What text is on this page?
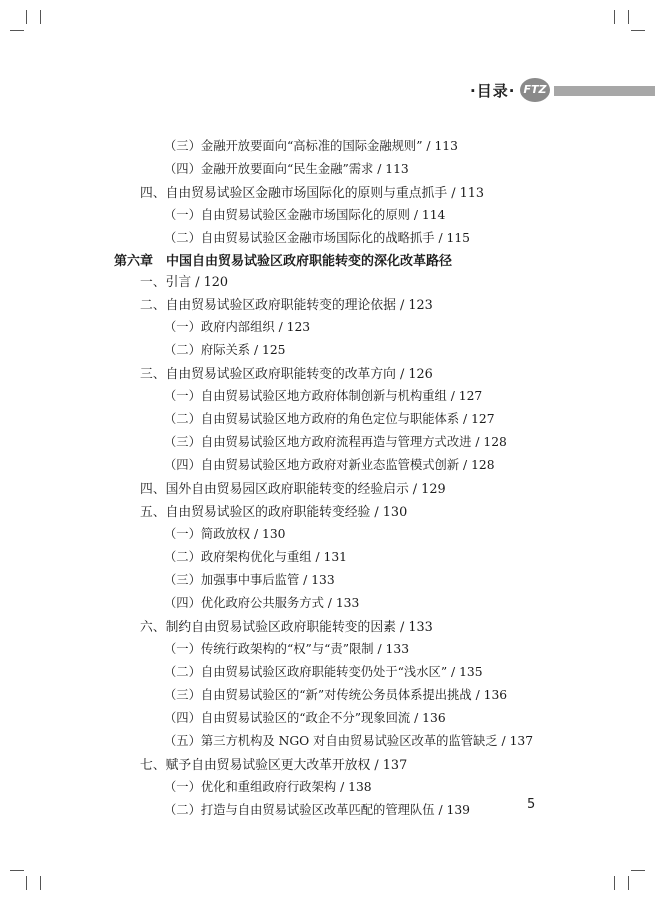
·目录· FTZ
（三）金融开放要面向“高标准的国际金融规则” / 113
（四）金融开放要面向“民生金融”需求 / 113
四、自由贸易试验区金融市场国际化的原则与重点抓手 / 113
（一）自由贸易试验区金融市场国际化的原则 / 114
（二）自由贸易试验区金融市场国际化的战略抓手 / 115
第六章　中国自由贸易试验区政府职能转变的深化改革路径
一、引言 / 120
二、自由贸易试验区政府职能转变的理论依据 / 123
（一）政府内部组织 / 123
（二）府际关系 / 125
三、自由贸易试验区政府职能转变的改革方向 / 126
（一）自由贸易试验区地方政府体制创新与机构重组 / 127
（二）自由贸易试验区地方政府的角色定位与职能体系 / 127
（三）自由贸易试验区地方政府流程再造与管理方式改进 / 128
（四）自由贸易试验区地方政府对新业态监管模式创新 / 128
四、国外自由贸易园区政府职能转变的经验启示 / 129
五、自由贸易试验区的政府职能转变经验 / 130
（一）简政放权 / 130
（二）政府架构优化与重组 / 131
（三）加强事中事后监管 / 133
（四）优化政府公共服务方式 / 133
六、制约自由贸易试验区政府职能转变的因素 / 133
（一）传统行政架构的“权”与“责”限制 / 133
（二）自由贸易试验区政府职能转变仍处于“浅水区” / 135
（三）自由贸易试验区的“新”对传统公务员体系提出挑战 / 136
（四）自由贸易试验区的“政企不分”现象回流 / 136
（五）第三方机构及 NGO 对自由贸易试验区改革的监管缺乏 / 137
七、赋予自由贸易试验区更大改革开放权 / 137
（一）优化和重组政府行政架构 / 138
（二）打造与自由贸易试验区改革匹配的管理队伍 / 139	5
